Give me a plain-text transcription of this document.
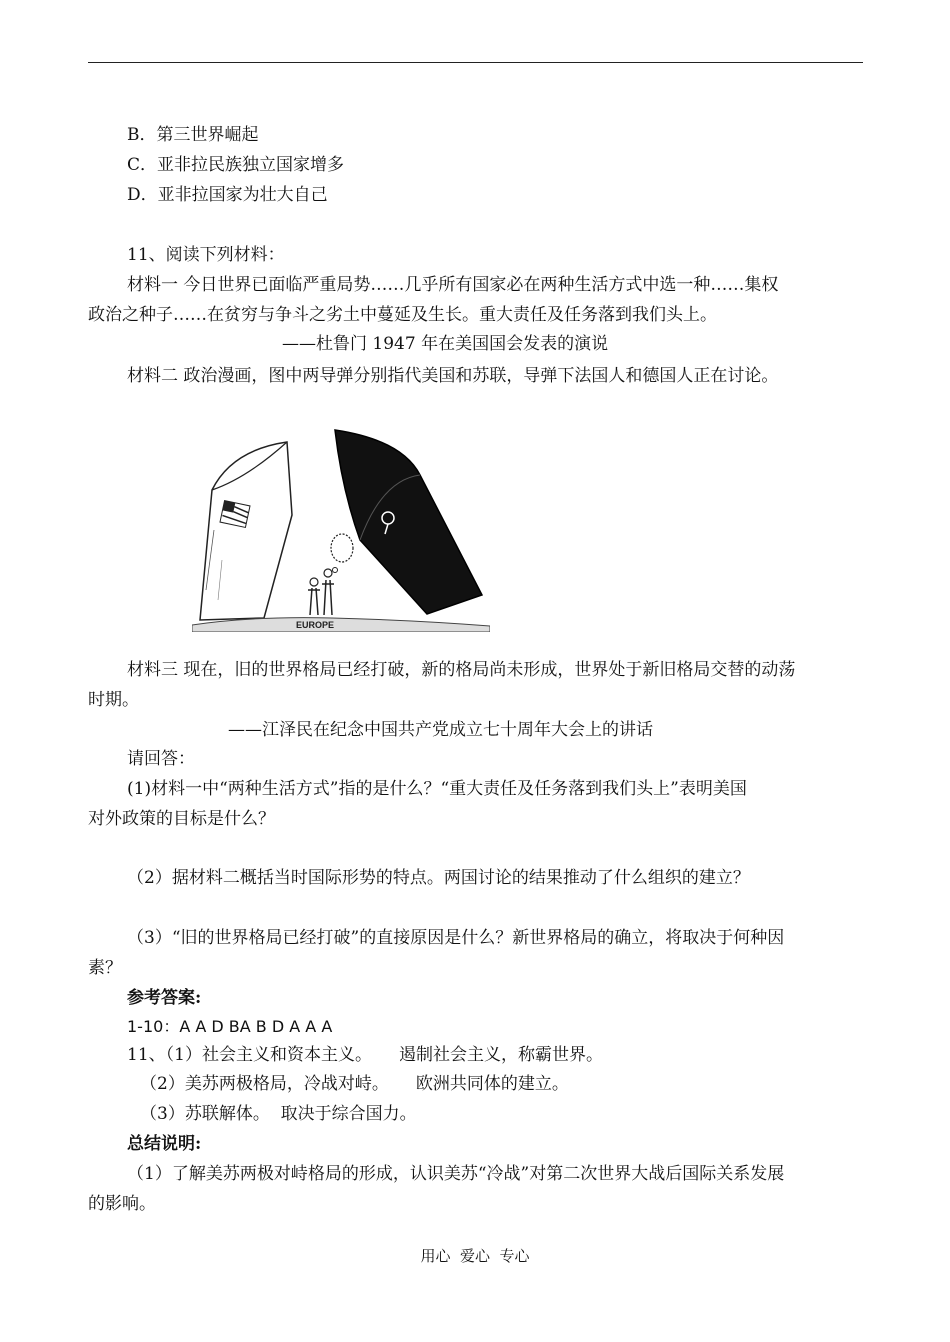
B．第三世界崛起
C．亚非拉民族独立国家增多
D．亚非拉国家为壮大自己
11、阅读下列材料：
材料一 今日世界已面临严重局势……几乎所有国家必在两种生活方式中选一种……集权
政治之种子……在贫穷与争斗之劣土中蔓延及生长。重大责任及任务落到我们头上。
——杜鲁门 1947 年在美国国会发表的演说
材料二 政治漫画，图中两导弹分别指代美国和苏联，导弹下法国人和德国人正在讨论。
EUROPE
材料三 现在，旧的世界格局已经打破，新的格局尚未形成，世界处于新旧格局交替的动荡
时期。
——江泽民在纪念中国共产党成立七十周年大会上的讲话
请回答：
(1)材料一中“两种生活方式”指的是什么？“重大责任及任务落到我们头上”表明美国
对外政策的目标是什么？
（2）据材料二概括当时国际形势的特点。两国讨论的结果推动了什么组织的建立？
（3）“旧的世界格局已经打破”的直接原因是什么？新世界格局的确立，将取决于何种因
素？
参考答案:
1-10：A A D BA B D A A A
11、（1）社会主义和资本主义。     遏制社会主义，称霸世界。
（2）美苏两极格局，冷战对峙。     欧洲共同体的建立。
（3）苏联解体。  取决于综合国力。
总结说明:
（1）了解美苏两极对峙格局的形成，认识美苏“冷战”对第二次世界大战后国际关系发展
的影响。
用心  爱心  专心
